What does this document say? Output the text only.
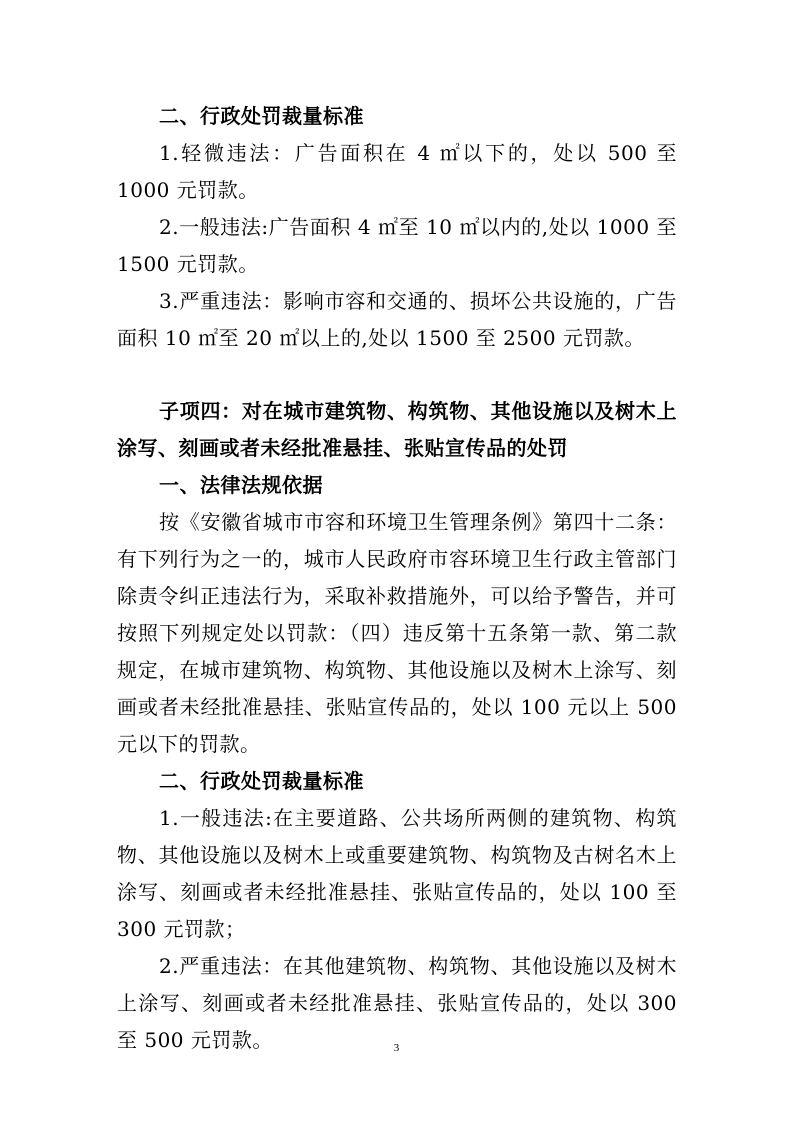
二、行政处罚裁量标准

1.轻微违法：广告面积在 4 ㎡以下的，处以 500 至 1000 元罚款。

2.一般违法:广告面积 4 ㎡至 10 ㎡以内的,处以 1000 至 1500 元罚款。

3.严重违法：影响市容和交通的、损坏公共设施的，广告面积 10 ㎡至 20 ㎡以上的,处以 1500 至 2500 元罚款。

子项四：对在城市建筑物、构筑物、其他设施以及树木上涂写、刻画或者未经批准悬挂、张贴宣传品的处罚

一、法律法规依据

按《安徽省城市市容和环境卫生管理条例》第四十二条：有下列行为之一的，城市人民政府市容环境卫生行政主管部门除责令纠正违法行为，采取补救措施外，可以给予警告，并可按照下列规定处以罚款：（四）违反第十五条第一款、第二款规定，在城市建筑物、构筑物、其他设施以及树木上涂写、刻画或者未经批准悬挂、张贴宣传品的，处以 100 元以上 500 元以下的罚款。

二、行政处罚裁量标准

1.一般违法:在主要道路、公共场所两侧的建筑物、构筑物、其他设施以及树木上或重要建筑物、构筑物及古树名木上涂写、刻画或者未经批准悬挂、张贴宣传品的，处以 100 至 300 元罚款；

2.严重违法：在其他建筑物、构筑物、其他设施以及树木上涂写、刻画或者未经批准悬挂、张贴宣传品的，处以 300 至 500 元罚款。	3
